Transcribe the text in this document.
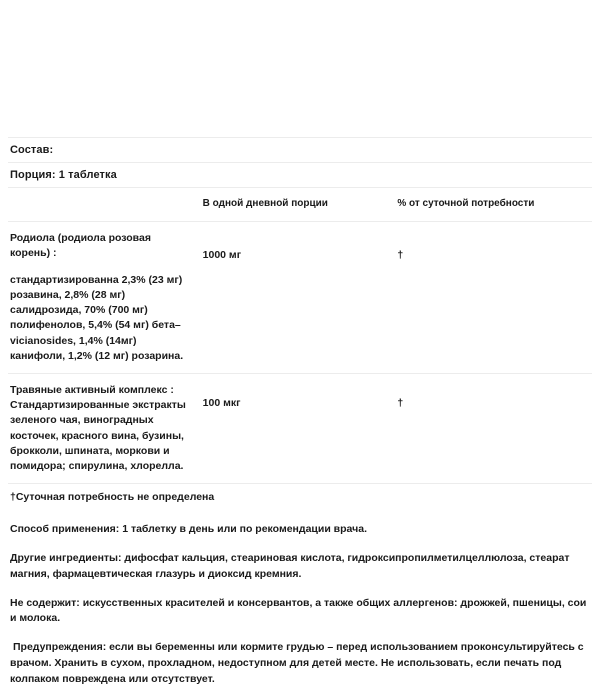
Состав:		
Порция: 1 таблетка		
	В одной дневной порции	% от суточной потребности

Родиола (родиола розовая корень) :

стандартизированна 2,3% (23 мг) розавина, 2,8% (28 мг) салидрозида, 70% (700 мг) полифенолов, 5,4% (54 мг) бета–vicianosides, 1,4% (14мг) канифоли, 1,2% (12 мг) розарина.	1000 мг	†

Травяные активный комплекс :

Стандартизированные экстракты зеленого чая, виноградных косточек, красного вина, бузины, брокколи, шпината, моркови и помидора; спирулина, хлорелла.	100 мкг	†
†Суточная потребность не определена		

Способ применения: 1 таблетку в день или по рекомендации врача.

Другие ингредиенты: дифосфат кальция, стеариновая кислота, гидроксипропилметилцеллюлоза, стеарат магния, фармацевтическая глазурь и диоксид кремния.

Не содержит: искусственных красителей и консервантов, а также общих аллергенов: дрожжей, пшеницы, сои и молока.

Предупреждения: если вы беременны или кормите грудью – перед использованием проконсультируйтесь с врачом. Хранить в сухом, прохладном, недоступном для детей месте. Не использовать, если печать под колпаком повреждена или отсутствует.
